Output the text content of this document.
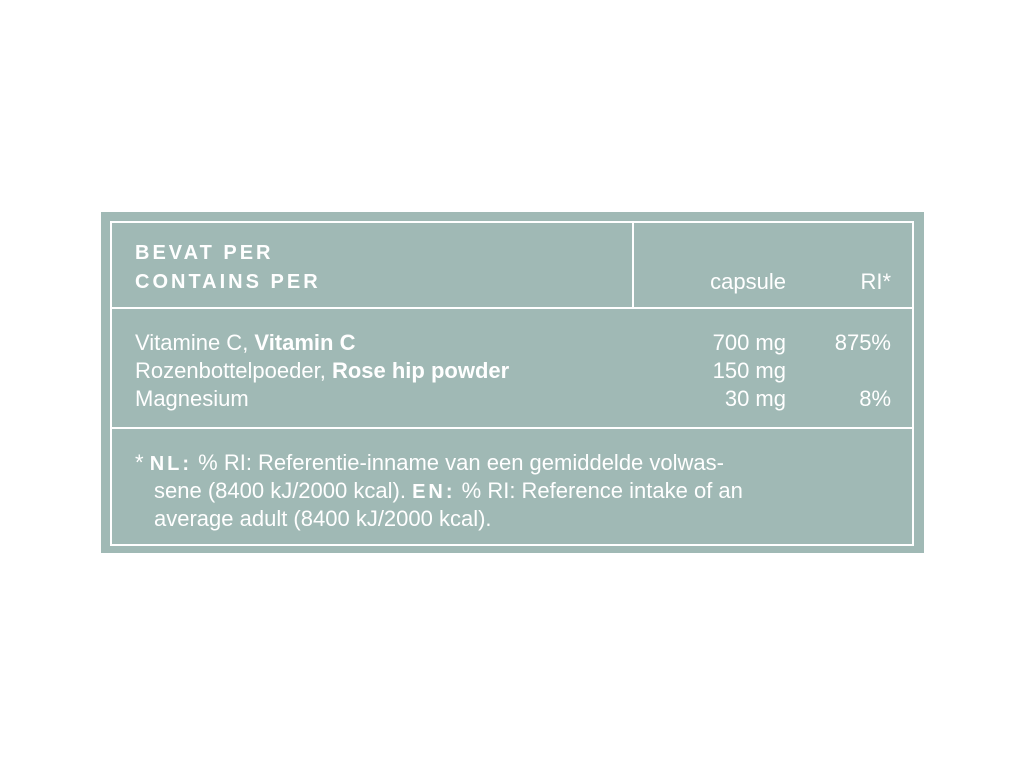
BEVAT PER
CONTAINS PER	capsule	RI*
Vitamine C, Vitamin C	700 mg	875%
Rozenbottelpoeder, Rose hip powder	150 mg
Magnesium	30 mg	8%
* NL: % RI: Referentie-inname van een gemiddelde volwas-
sene (8400 kJ/2000 kcal). EN: % RI: Reference intake of an
average adult (8400 kJ/2000 kcal).
